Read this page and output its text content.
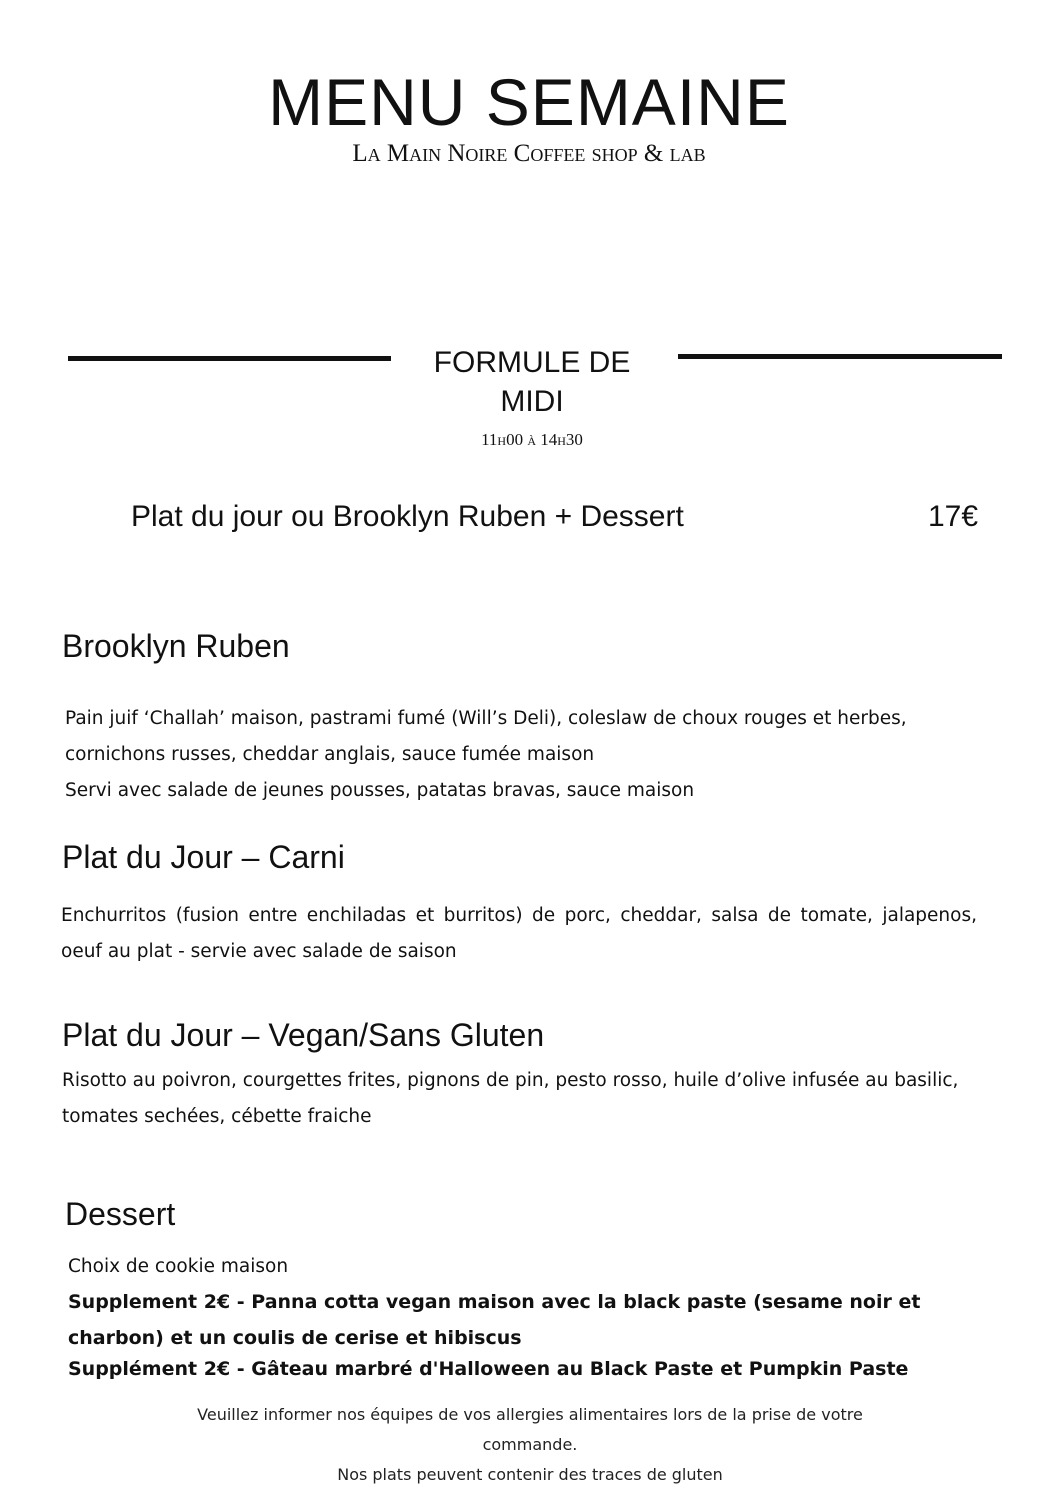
MENU SEMAINE
La Main Noire Coffee shop & lab
FORMULE DE
MIDI
11h00 à 14h30
Plat du jour ou Brooklyn Ruben + Dessert	17€
Brooklyn Ruben
Pain juif ‘Challah’ maison, pastrami fumé (Will’s Deli), coleslaw de choux rouges et herbes,
cornichons russes, cheddar anglais, sauce fumée maison
Servi avec salade de jeunes pousses, patatas bravas, sauce maison
Plat du Jour – Carni
Enchurritos (fusion entre enchiladas et burritos) de porc, cheddar, salsa de tomate, jalapenos, oeuf au plat - servie avec salade de saison
Plat du Jour – Vegan/Sans Gluten
Risotto au poivron, courgettes frites, pignons de pin, pesto rosso, huile d’olive infusée au basilic,
tomates sechées, cébette fraiche
Dessert
Choix de cookie maison
Supplement 2€ - Panna cotta vegan maison avec la black paste (sesame noir et
charbon) et un coulis de cerise et hibiscus
Supplément 2€ - Gâteau marbré d'Halloween au Black Paste et Pumpkin Paste
Veuillez informer nos équipes de vos allergies alimentaires lors de la prise de votre
commande.
Nos plats peuvent contenir des traces de gluten
